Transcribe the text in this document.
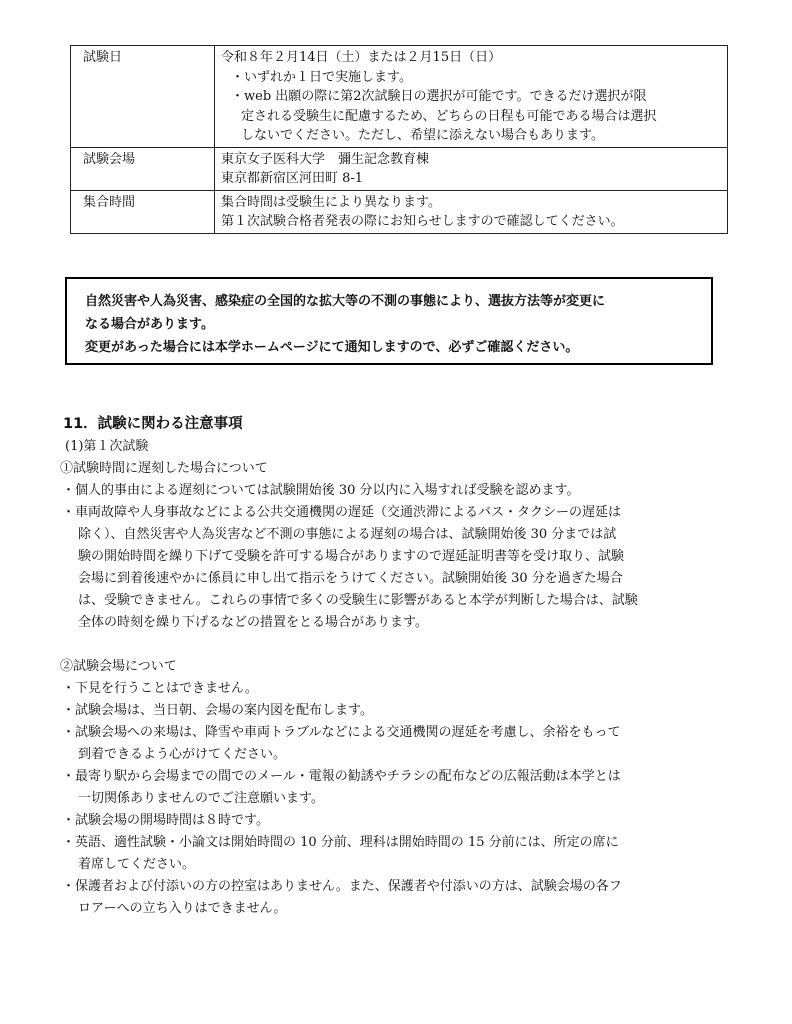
試験日	令和８年２月14日（土）または２月15日（日）
・いずれか１日で実施します。
・web 出願の際に第2次試験日の選択が可能です。できるだけ選択が限
定される受験生に配慮するため、どちらの日程も可能である場合は選択
しないでください。ただし、希望に添えない場合もあります。

試験会場	東京女子医科大学　彌生記念教育棟
東京都新宿区河田町 8-1

集合時間	集合時間は受験生により異なります。
第１次試験合格者発表の際にお知らせしますので確認してください。
自然災害や人為災害、感染症の全国的な拡大等の不測の事態により、選抜方法等が変更に
なる場合があります。
変更があった場合には本学ホームページにて通知しますので、必ずご確認ください。
11．試験に関わる注意事項
(1)第１次試験
①試験時間に遅刻した場合について
・個人的事由による遅刻については試験開始後 30 分以内に入場すれば受験を認めます。
・車両故障や人身事故などによる公共交通機関の遅延（交通渋滞によるバス・タクシーの遅延は
除く）、自然災害や人為災害など不測の事態による遅刻の場合は、試験開始後 30 分までは試
験の開始時間を繰り下げて受験を許可する場合がありますので遅延証明書等を受け取り、試験
会場に到着後速やかに係員に申し出て指示をうけてください。試験開始後 30 分を過ぎた場合
は、受験できません。これらの事情で多くの受験生に影響があると本学が判断した場合は、試験
全体の時刻を繰り下げるなどの措置をとる場合があります。
②試験会場について
・下見を行うことはできません。
・試験会場は、当日朝、会場の案内図を配布します。
・試験会場への来場は、降雪や車両トラブルなどによる交通機関の遅延を考慮し、余裕をもって
到着できるよう心がけてください。
・最寄り駅から会場までの間でのメール・電報の勧誘やチラシの配布などの広報活動は本学とは
一切関係ありませんのでご注意願います。
・試験会場の開場時間は８時です。
・英語、適性試験・小論文は開始時間の 10 分前、理科は開始時間の 15 分前には、所定の席に
着席してください。
・保護者および付添いの方の控室はありません。また、保護者や付添いの方は、試験会場の各フ
ロアーへの立ち入りはできません。
